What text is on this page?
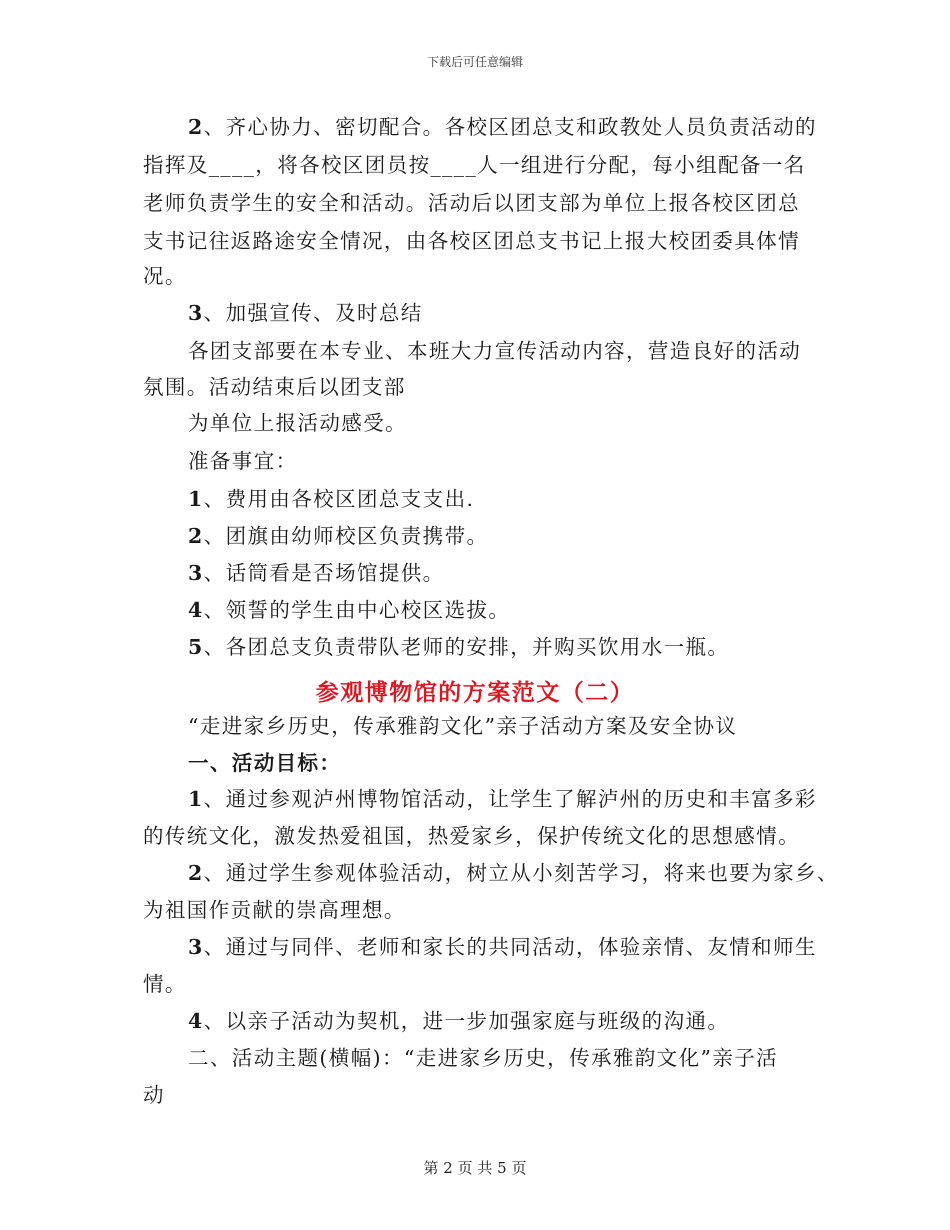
下载后可任意编辑
2、齐心协力、密切配合。各校区团总支和政教处人员负责活动的
指挥及____，将各校区团员按____人一组进行分配，每小组配备一名
老师负责学生的安全和活动。活动后以团支部为单位上报各校区团总
支书记往返路途安全情况，由各校区团总支书记上报大校团委具体情
况。
3、加强宣传、及时总结
各团支部要在本专业、本班大力宣传活动内容，营造良好的活动
氛围。活动结束后以团支部
为单位上报活动感受。
准备事宜：
1、费用由各校区团总支支出.
2、团旗由幼师校区负责携带。
3、话筒看是否场馆提供。
4、领誓的学生由中心校区选拔。
5、各团总支负责带队老师的安排，并购买饮用水一瓶。
参观博物馆的方案范文（二）
“走进家乡历史，传承雅韵文化”亲子活动方案及安全协议
一、活动目标：
1、通过参观泸州博物馆活动，让学生了解泸州的历史和丰富多彩
的传统文化，激发热爱祖国，热爱家乡，保护传统文化的思想感情。
2、通过学生参观体验活动，树立从小刻苦学习，将来也要为家乡、
为祖国作贡献的崇高理想。
3、通过与同伴、老师和家长的共同活动，体验亲情、友情和师生
情。
4、以亲子活动为契机，进一步加强家庭与班级的沟通。
二、活动主题(横幅)：“走进家乡历史，传承雅韵文化”亲子活
动
第 2 页 共 5 页
